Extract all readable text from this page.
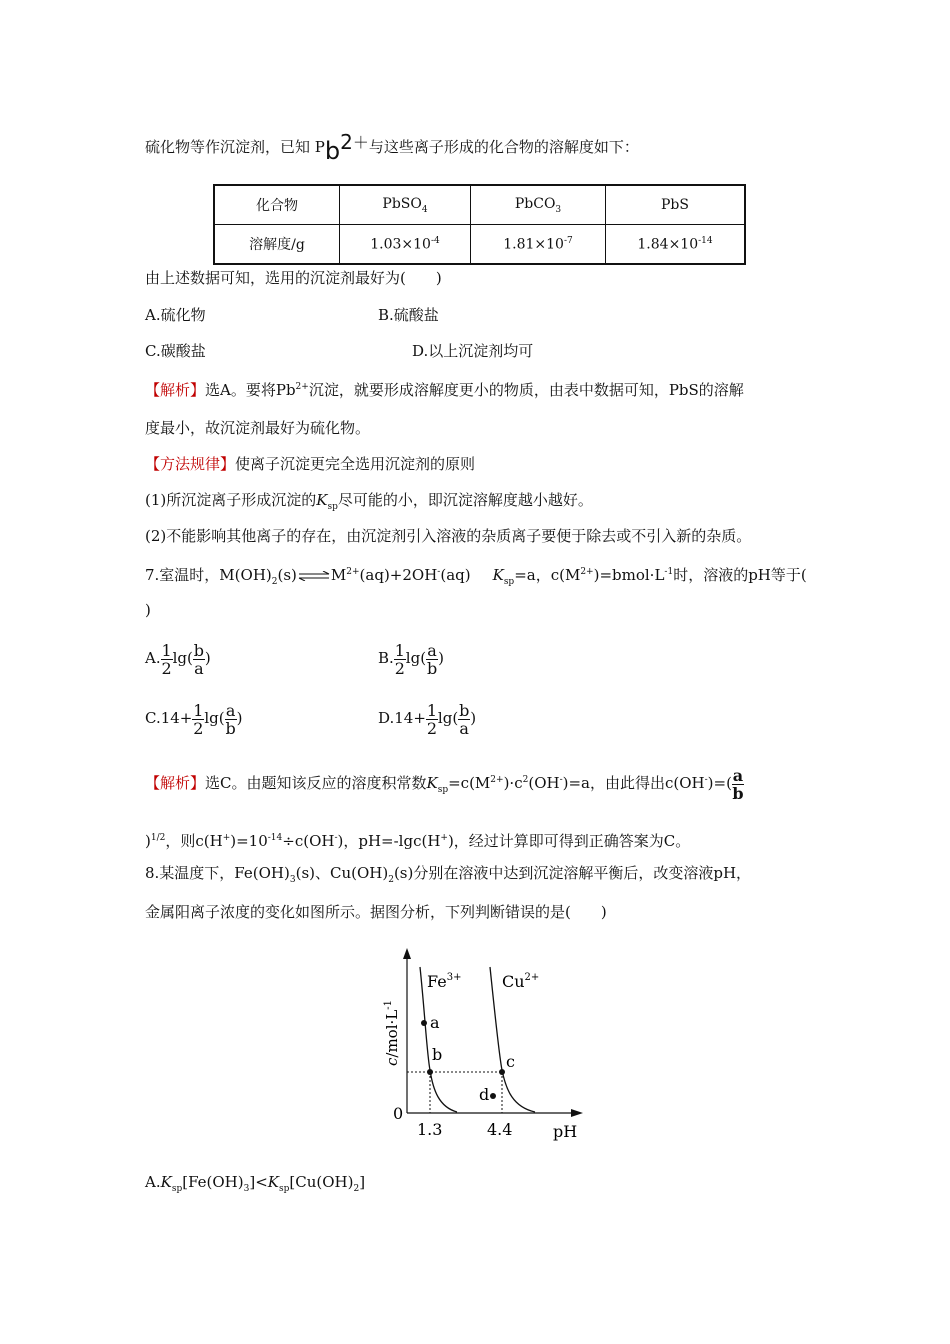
硫化物等作沉淀剂，已知 Pb2＋与这些离子形成的化合物的溶解度如下：
化合物	PbSO$_4$	PbCO$_3$	PbS
溶解度/g	$1.03\times 10^{-4}$	$1.81\times 10^{-7}$	$1.84\times 10^{-14}$
由上述数据可知，选用的沉淀剂最好为(　　)
A.硫化物	B.硫酸盐
C.碳酸盐	D.以上沉淀剂均可
【解析】选A。要将$Pb^{2+}$沉淀，就要形成溶解度更小的物质，由表中数据可知，PbS的溶解
度最小，故沉淀剂最好为硫化物。
【方法规律】使离子沉淀更完全选用沉淀剂的原则
(1)所沉淀离子形成沉淀的$K_{sp}$尽可能的小，即沉淀溶解度越小越好。
(2)不能影响其他离子的存在，由沉淀剂引入溶液的杂质离子要便于除去或不引入新的杂质。
7.室温时，$M(OH)_2(s)\rightleftharpoons M^{2+}(aq)+2OH^-(aq)$ $K_{sp}=a$，$c(M^{2+})=bmol\cdot L^{-1}$时，溶液的pH等于(
)
A. $\frac{1}{2} \lg( \frac{b}{a}$ )	B. $\frac{1}{2} \lg( \frac{a}{b}$ )
$C.14+ \frac{1}{2} \lg( \frac{a}{b}$ )	$D.14+ \frac{1}{2} \lg( \frac{b}{a}$ )
【解析】选C。由题知该反应的溶度积常数$K_{sp}=c(M^{2+})\cdot c^2(OH^-)=a$，由此得出$c(OH^-)=( \frac{a}{b}$
)$^{1/2}$，则$c(H^+)=10^{-14}\div c(OH^-)$，pH=-lgc(H+)，经过计算即可得到正确答案为C。
8.某温度下，$Fe(OH)_3(s)$、$Cu(OH)_2(s)$分别在溶液中达到沉淀溶解平衡后，改变溶液pH，
金属阳离子浓度的变化如图所示。据图分析，下列判断错误的是(　　)
$c/mol\cdot L^{-1}$
$Fe^{3+}$	$Cu^{2+}$
a
b	c
d
0
1.3	4.4	pH
$A.K_{sp}[Fe(OH)_3]<K_{sp}[Cu(OH)_2]$
